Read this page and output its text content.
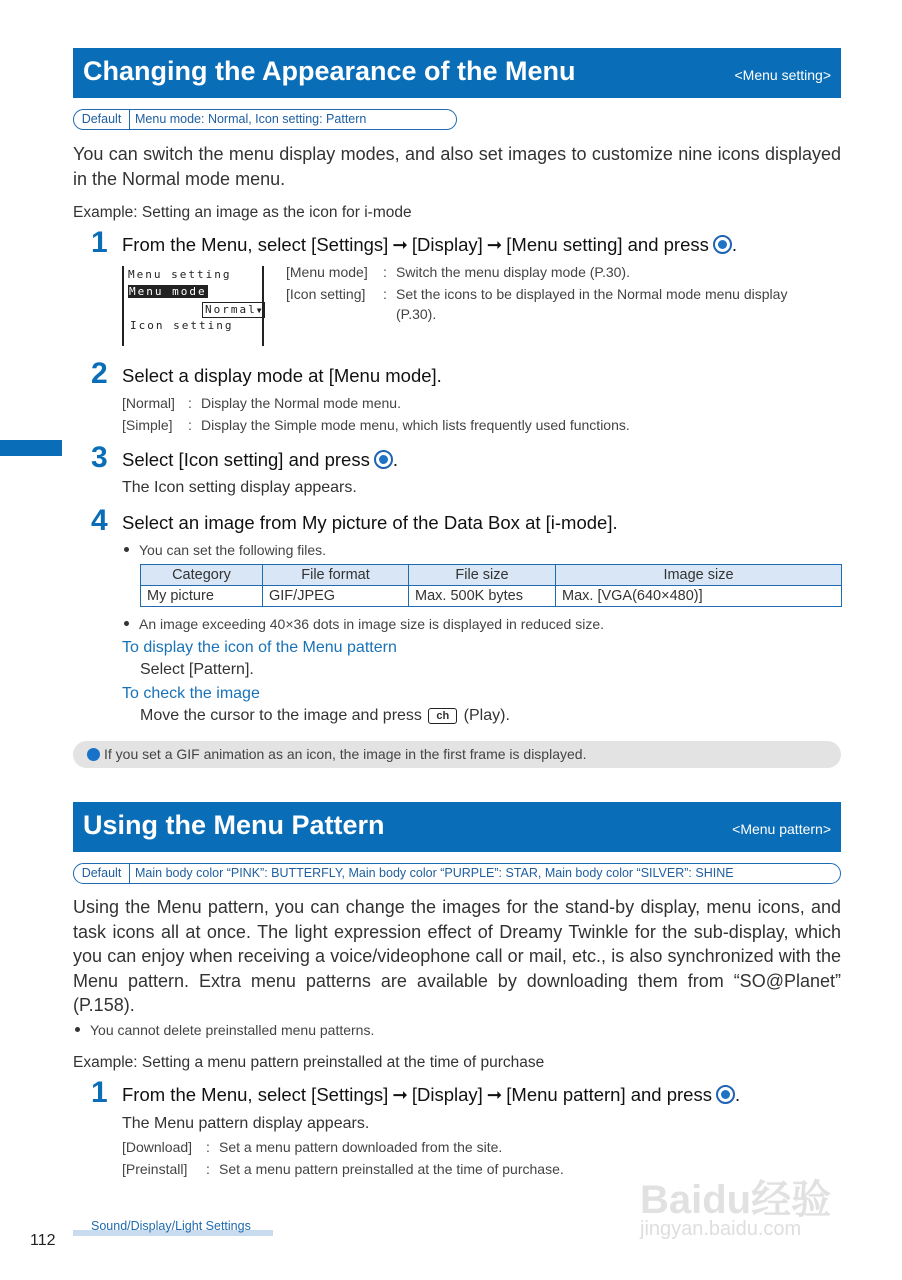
Changing the Appearance of the Menu	<Menu setting>
Default	Menu mode: Normal, Icon setting: Pattern
You can switch the menu display modes, and also set images to customize nine icons displayed in the Normal mode menu.
Example: Setting an image as the icon for i-mode
1 From the Menu, select [Settings] ➞ [Display] ➞ [Menu setting] and press .
Menu setting
Menu mode
Normal▼
Icon setting
[Menu mode] : Switch the menu display mode (P.30).
[Icon setting] : Set the icons to be displayed in the Normal mode menu display
(P.30).
2 Select a display mode at [Menu mode].
[Normal] : Display the Normal mode menu.
[Simple] : Display the Simple mode menu, which lists frequently used functions.
3 Select [Icon setting] and press .
The Icon setting display appears.
4 Select an image from My picture of the Data Box at [i-mode].
You can set the following files.
Category	File format	File size	Image size
My picture	GIF/JPEG	Max. 500K bytes	Max. [VGA(640×480)]
An image exceeding 40×36 dots in image size is displayed in reduced size.
To display the icon of the Menu pattern
Select [Pattern].
To check the image
Move the cursor to the image and press ch (Play).
If you set a GIF animation as an icon, the image in the first frame is displayed.
Using the Menu Pattern	<Menu pattern>
Default	Main body color “PINK”: BUTTERFLY, Main body color “PURPLE”: STAR, Main body color “SILVER”: SHINE
Using the Menu pattern, you can change the images for the stand-by display, menu icons, and task icons all at once. The light expression effect of Dreamy Twinkle for the sub-display, which you can enjoy when receiving a voice/videophone call or mail, etc., is also synchronized with the Menu pattern. Extra menu patterns are available by downloading them from “SO@Planet” (P.158).
You cannot delete preinstalled menu patterns.
Example: Setting a menu pattern preinstalled at the time of purchase
1 From the Menu, select [Settings] ➞ [Display] ➞ [Menu pattern] and press .
The Menu pattern display appears.
[Download] : Set a menu pattern downloaded from the site.
[Preinstall] : Set a menu pattern preinstalled at the time of purchase.
112
Sound/Display/Light Settings
Baidu经验
jingyan.baidu.com
